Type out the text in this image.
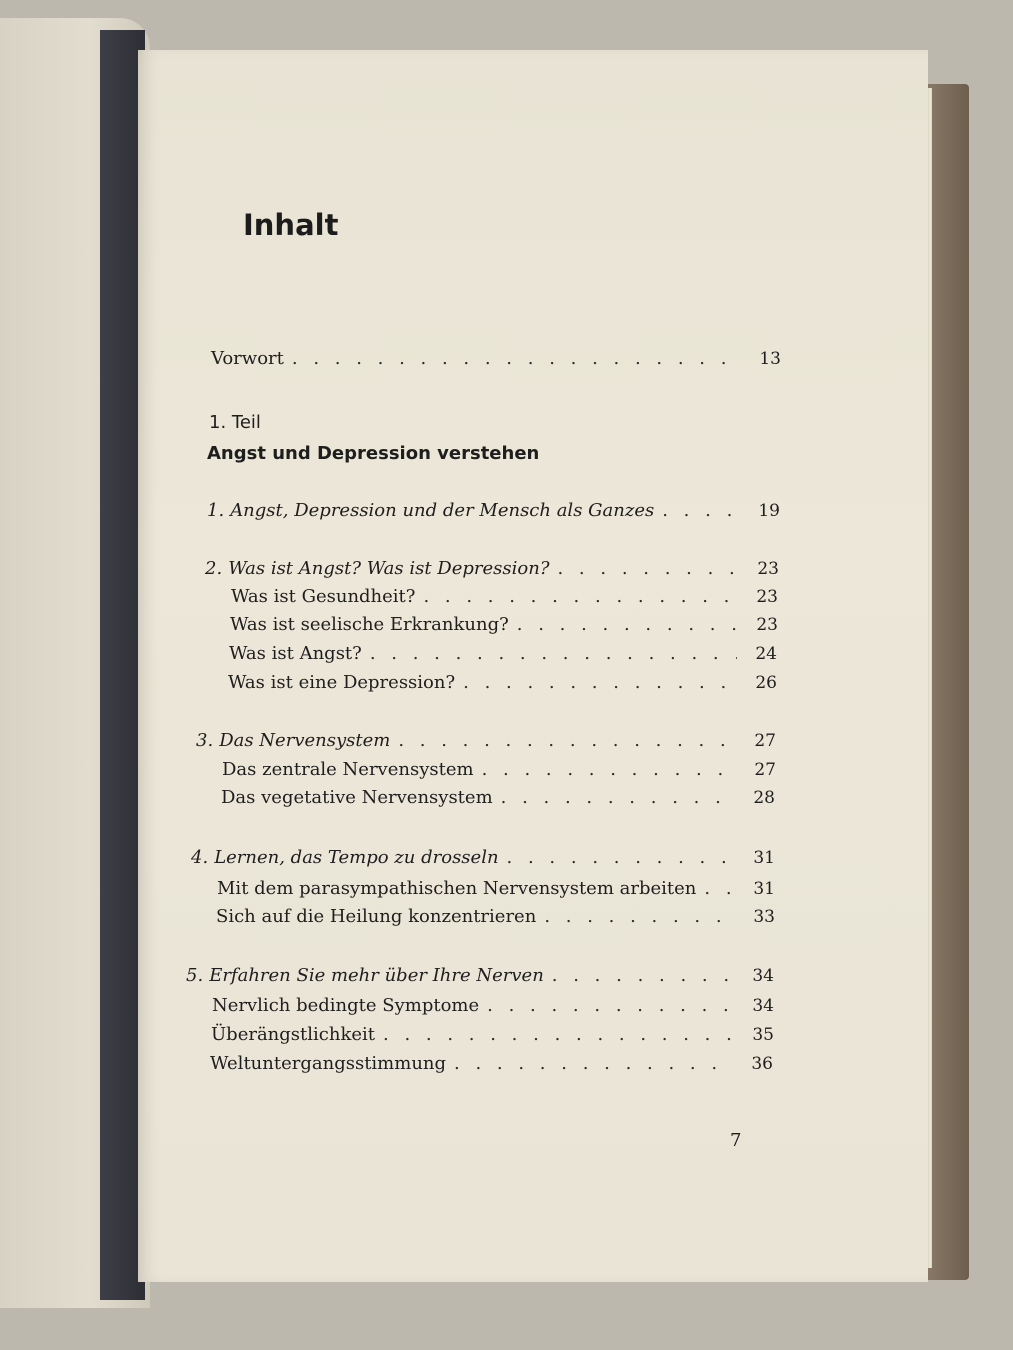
Inhalt
Vorwort . . .	13
1. Teil
Angst und Depression verstehen
1. Angst, Depression und der Mensch als Ganzes . . .	19
2. Was ist Angst? Was ist Depression? . . .	23
Was ist Gesundheit? . . .	23
Was ist seelische Erkrankung? . . .	23
Was ist Angst? . . .	24
Was ist eine Depression? . . .	26
3. Das Nervensystem . . .	27
Das zentrale Nervensystem . . .	27
Das vegetative Nervensystem . . .	28
4. Lernen, das Tempo zu drosseln . . .	31
Mit dem parasympathischen Nervensystem arbeiten . . .	31
Sich auf die Heilung konzentrieren . . .	33
5. Erfahren Sie mehr über Ihre Nerven . . .	34
Nervlich bedingte Symptome . . .	34
Überängstlichkeit . . .	35
Weltuntergangsstimmung . . .	36
7
